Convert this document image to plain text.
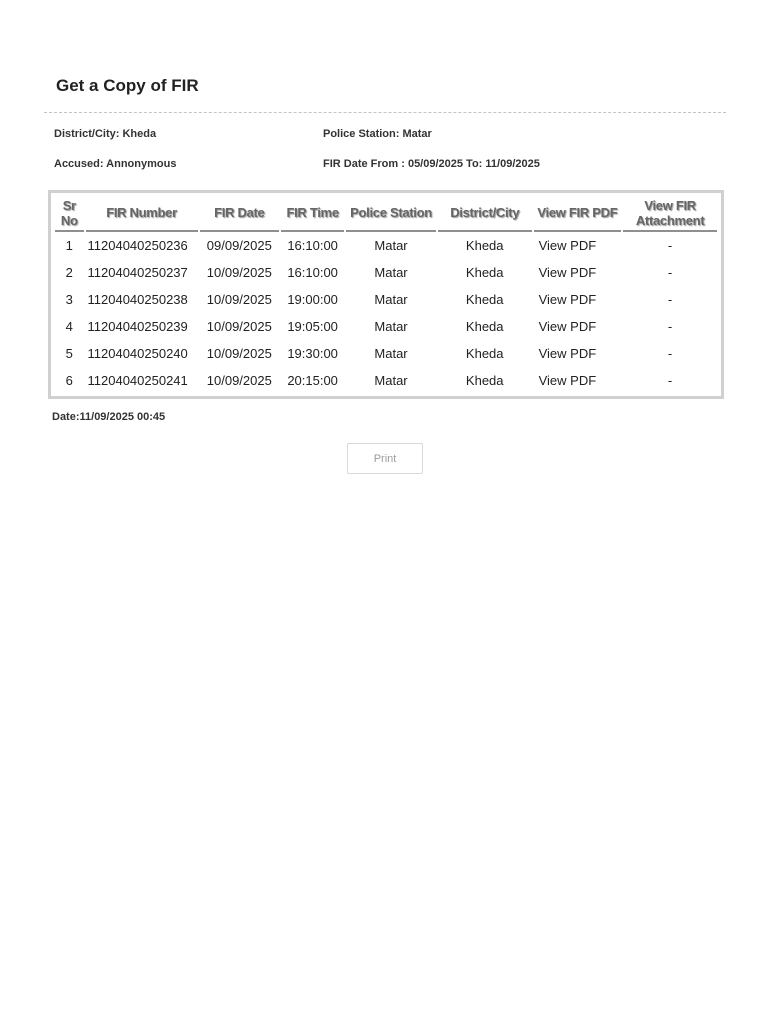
Get a Copy of FIR
District/City: Kheda	Police Station: Matar
Accused: Annonymous	FIR Date From : 05/09/2025 To: 11/09/2025
Sr No	FIR Number	FIR Date	FIR Time	Police Station	District/City	View FIR PDF	View FIR Attachment
1	11204040250236	09/09/2025	16:10:00	Matar	Kheda	View PDF	-
2	11204040250237	10/09/2025	16:10:00	Matar	Kheda	View PDF	-
3	11204040250238	10/09/2025	19:00:00	Matar	Kheda	View PDF	-
4	11204040250239	10/09/2025	19:05:00	Matar	Kheda	View PDF	-
5	11204040250240	10/09/2025	19:30:00	Matar	Kheda	View PDF	-
6	11204040250241	10/09/2025	20:15:00	Matar	Kheda	View PDF	-
Date:11/09/2025 00:45
Print
